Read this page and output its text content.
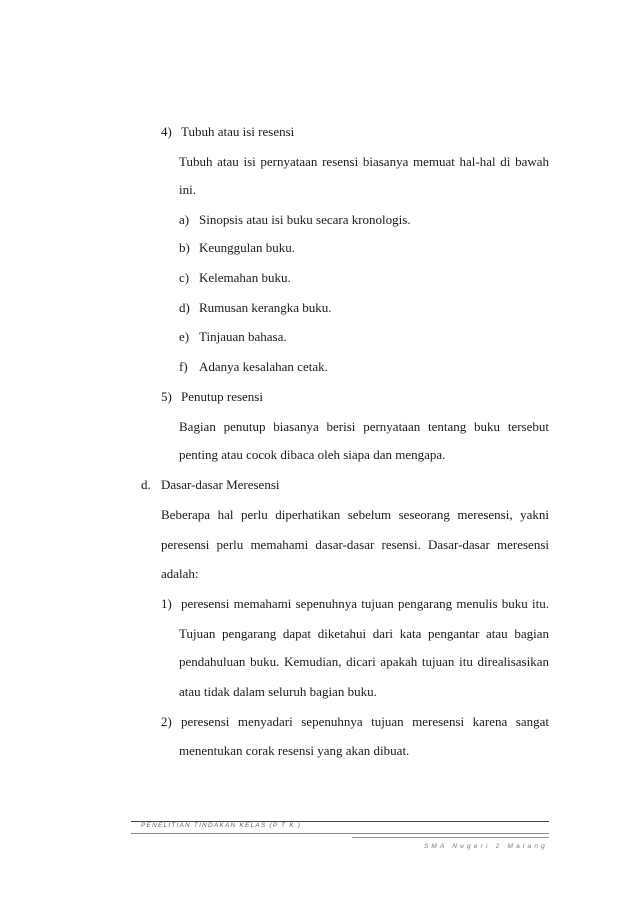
4) Tubuh atau isi resensi
Tubuh atau isi pernyataan resensi biasanya memuat hal-hal di bawah
ini.
a) Sinopsis atau isi buku secara kronologis.
b) Keunggulan buku.
c) Kelemahan buku.
d) Rumusan kerangka buku.
e) Tinjauan bahasa.
f) Adanya kesalahan cetak.
5) Penutup resensi
Bagian penutup biasanya berisi pernyataan tentang buku tersebut
penting atau cocok dibaca oleh siapa dan mengapa.
d. Dasar-dasar Meresensi
Beberapa hal perlu diperhatikan sebelum seseorang meresensi, yakni
peresensi perlu memahami dasar-dasar resensi. Dasar-dasar meresensi
adalah:
1) peresensi memahami sepenuhnya tujuan pengarang menulis buku itu.
Tujuan pengarang dapat diketahui dari kata pengantar atau bagian
pendahuluan buku. Kemudian, dicari apakah tujuan itu direalisasikan
atau tidak dalam seluruh bagian buku.
2) peresensi menyadari sepenuhnya tujuan meresensi karena sangat
menentukan corak resensi yang akan dibuat.
PENELITIAN TINDAKAN KELAS (P T K )
SMA Negeri 2 Malang
